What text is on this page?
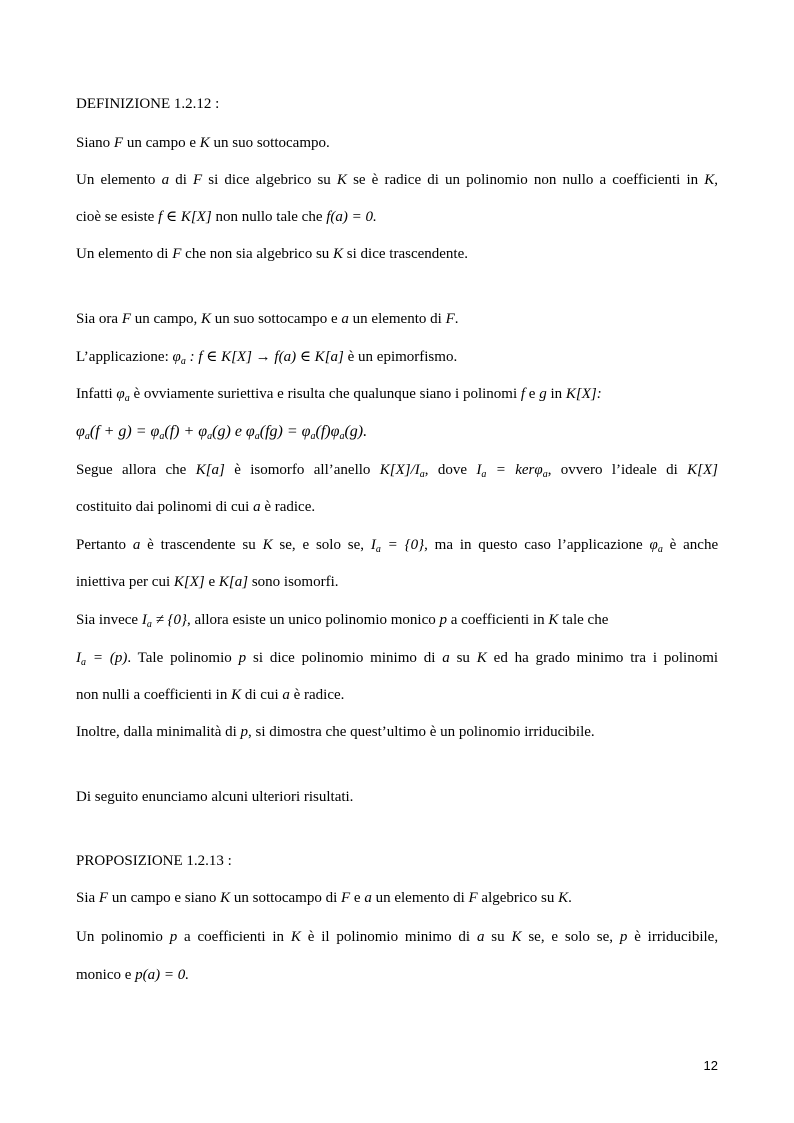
DEFINIZIONE 1.2.12 :
Siano F un campo e K un suo sottocampo.
Un elemento a di F si dice algebrico su K se è radice di un polinomio non nullo a coefficienti in K,
cioè se esiste f ∈ K[X] non nullo tale che f(a) = 0.
Un elemento di F che non sia algebrico su K si dice trascendente.
Sia ora F un campo, K un suo sottocampo e a un elemento di F.
L’applicazione: $\varphi_a$ : f ∈ K[X] → f(a) ∈ K[a] è un epimorfismo.
Infatti $\varphi_a$ è ovviamente suriettiva e risulta che qualunque siano i polinomi f e g in K[X]:
$\varphi_a(f + g) = \varphi_a(f) + \varphi_a(g)$ e $\varphi_a(fg) = \varphi_a(f)\varphi_a(g)$.
Segue allora che K[a] è isomorfo all’anello $K[X]/I_a$, dove $I_a = ker\varphi_a$, ovvero l’ideale di K[X]
costituito dai polinomi di cui a è radice.
Pertanto a è trascendente su K se, e solo se, $I_a = \{0\}$, ma in questo caso l’applicazione $\varphi_a$ è anche
iniettiva per cui K[X] e K[a] sono isomorfi.
Sia invece $I_a \ne \{0\}$, allora esiste un unico polinomio monico p a coefficienti in K tale che
$I_a = (p)$. Tale polinomio p si dice polinomio minimo di a su K ed ha grado minimo tra i polinomi
non nulli a coefficienti in K di cui a è radice.
Inoltre, dalla minimalità di p, si dimostra che quest’ultimo è un polinomio irriducibile.
Di seguito enunciamo alcuni ulteriori risultati.
PROPOSIZIONE 1.2.13 :
Sia F un campo e siano K un sottocampo di F e a un elemento di F algebrico su K.
Un polinomio p a coefficienti in K è il polinomio minimo di a su K se, e solo se, p è irriducibile,
monico e p(a) = 0.
12
